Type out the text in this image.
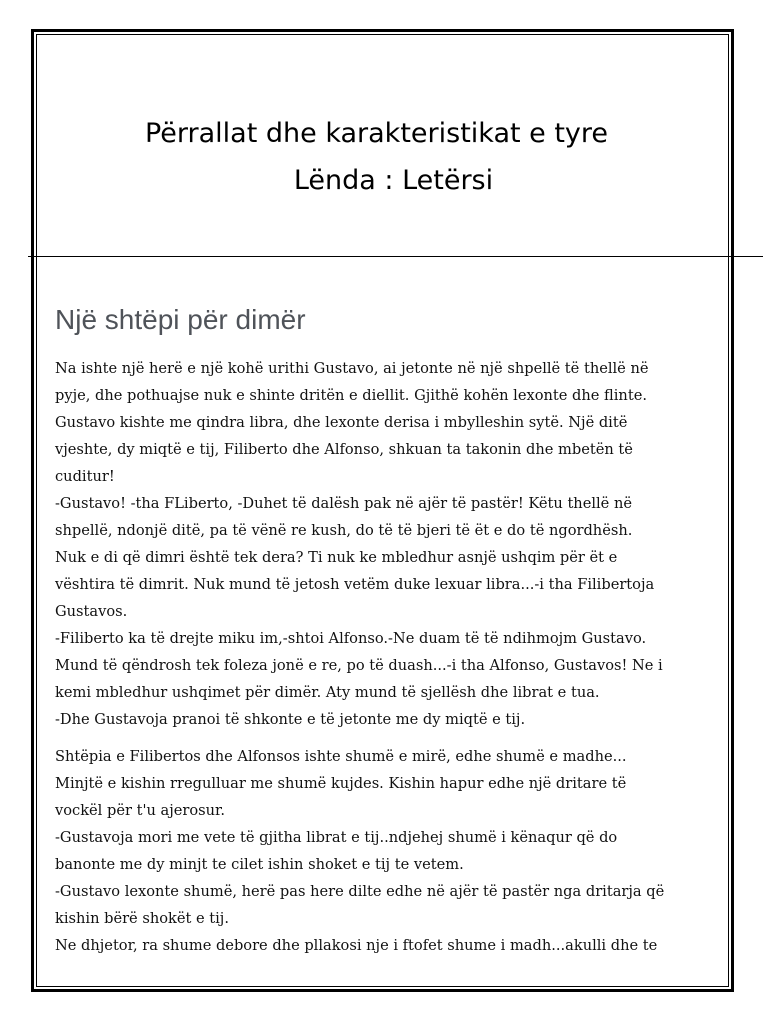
Përrallat dhe karakteristikat e tyre
Lënda : Letërsi
Një shtëpi për dimër

Na ishte një herë e një kohë urithi Gustavo, ai jetonte në një shpellë të thellë në
pyje, dhe pothuajse nuk e shinte dritën e diellit. Gjithë kohën lexonte dhe flinte.
Gustavo kishte me qindra libra, dhe lexonte derisa i mbylleshin sytë. Një ditë
vjeshte, dy miqtë e tij, Filiberto dhe Alfonso, shkuan ta takonin dhe mbetën të
cuditur!
-Gustavo! -tha FLiberto, -Duhet të dalësh pak në ajër të pastër! Këtu thellë në
shpellë, ndonjë ditë, pa të vënë re kush, do të të bjeri të ët e do të ngordhësh.
Nuk e di që dimri është tek dera? Ti nuk ke mbledhur asnjë ushqim për ët e
vështira të dimrit. Nuk mund të jetosh vetëm duke lexuar libra...-i tha Filibertoja
Gustavos.
-Filiberto ka të drejte miku im,-shtoi Alfonso.-Ne duam të të ndihmojm Gustavo.
Mund të qëndrosh tek foleza jonë e re, po të duash...-i tha Alfonso, Gustavos! Ne i
kemi mbledhur ushqimet për dimër. Aty mund të sjellësh dhe librat e tua.
-Dhe Gustavoja pranoi të shkonte e të jetonte me dy miqtë e tij.

Shtëpia e Filibertos dhe Alfonsos ishte shumë e mirë, edhe shumë e madhe...
Minjtë e kishin rregulluar me shumë kujdes. Kishin hapur edhe një dritare të
vockël për t'u ajerosur.
-Gustavoja mori me vete të gjitha librat e tij..ndjehej shumë i kënaqur që do
banonte me dy minjt te cilet ishin shoket e tij te vetem.
-Gustavo lexonte shumë, herë pas here dilte edhe në ajër të pastër nga dritarja që
kishin bërë shokët e tij.
Ne dhjetor, ra shume debore dhe pllakosi nje i ftofet shume i madh...akulli dhe te
